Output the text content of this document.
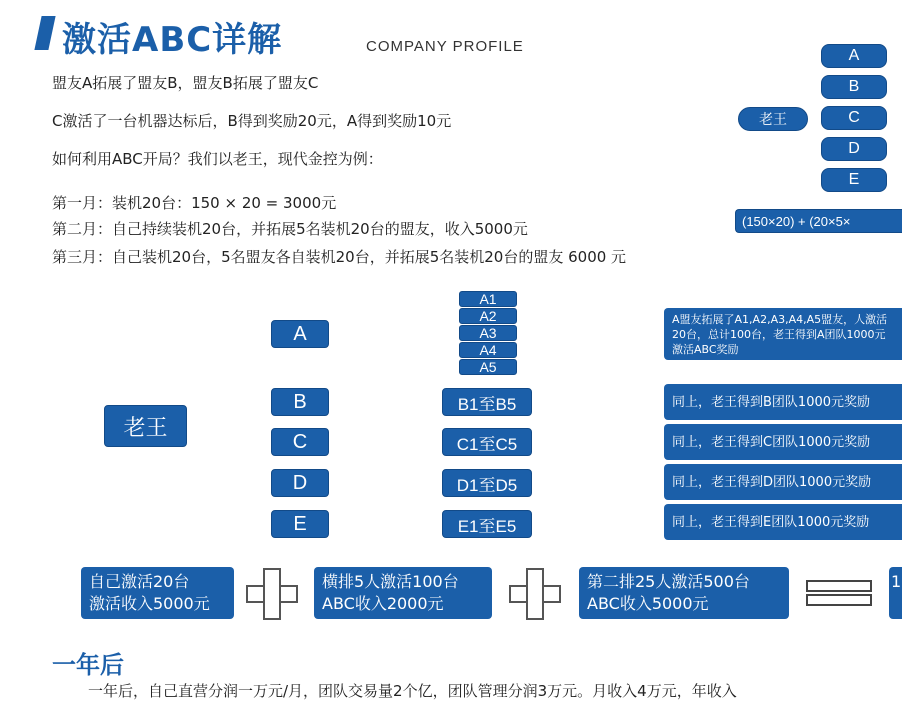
激活ABC详解	COMPANY PROFILE
盟友A拓展了盟友B，盟友B拓展了盟友C
C激活了一台机器达标后，B得到奖励20元，A得到奖励10元
如何利用ABC开局？我们以老王，现代金控为例：
第一月：装机20台：150 × 20 = 3000元
第二月：自己持续装机20台，并拓展5名装机20台的盟友，收入5000元
第三月：自己装机20台，5名盟友各自装机20台，并拓展5名装机20台的盟友 6000 元
老王
A
B
C
D
E
(150×20) + (20×5×
老王
A
B
C
D
E
A1
A2
A3
A4
A5
B1至B5
C1至C5
D1至D5
E1至E5
A盟友拓展了A1,A2,A3,A4,A5盟友，人激活20台，总计100台，老王得到A团队1000元激活ABC奖励
同上，老王得到B团队1000元奖励
同上，老王得到C团队1000元奖励
同上，老王得到D团队1000元奖励
同上，老王得到E团队1000元奖励
自己激活20台
激活收入5000元
横排5人激活100台
ABC收入2000元
第二排25人激活500台
ABC收入5000元
10
一年后
一年后，自己直营分润一万元/月，团队交易量2个亿，团队管理分润3万元。月收入4万元，年收入
